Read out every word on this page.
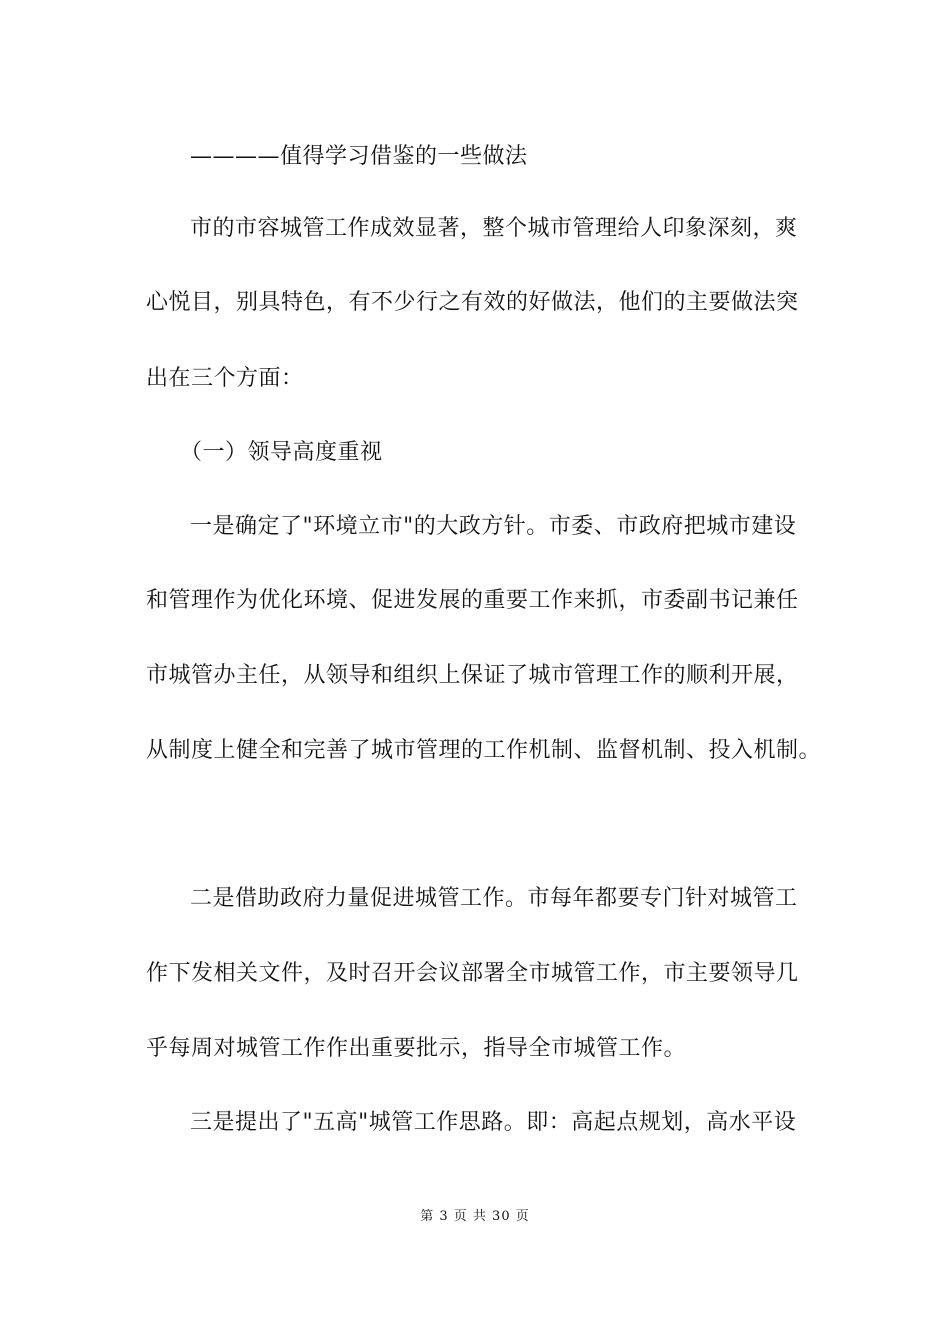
————值得学习借鉴的一些做法
市的市容城管工作成效显著，整个城市管理给人印象深刻，爽
心悦目，别具特色，有不少行之有效的好做法，他们的主要做法突
出在三个方面：
（一）领导高度重视
一是确定了"环境立市"的大政方针。市委、市政府把城市建设
和管理作为优化环境、促进发展的重要工作来抓，市委副书记兼任
市城管办主任，从领导和组织上保证了城市管理工作的顺利开展，
从制度上健全和完善了城市管理的工作机制、监督机制、投入机制。
二是借助政府力量促进城管工作。市每年都要专门针对城管工
作下发相关文件，及时召开会议部署全市城管工作，市主要领导几
乎每周对城管工作作出重要批示，指导全市城管工作。
三是提出了"五高"城管工作思路。即：高起点规划，高水平设
第 3 页 共 30 页
